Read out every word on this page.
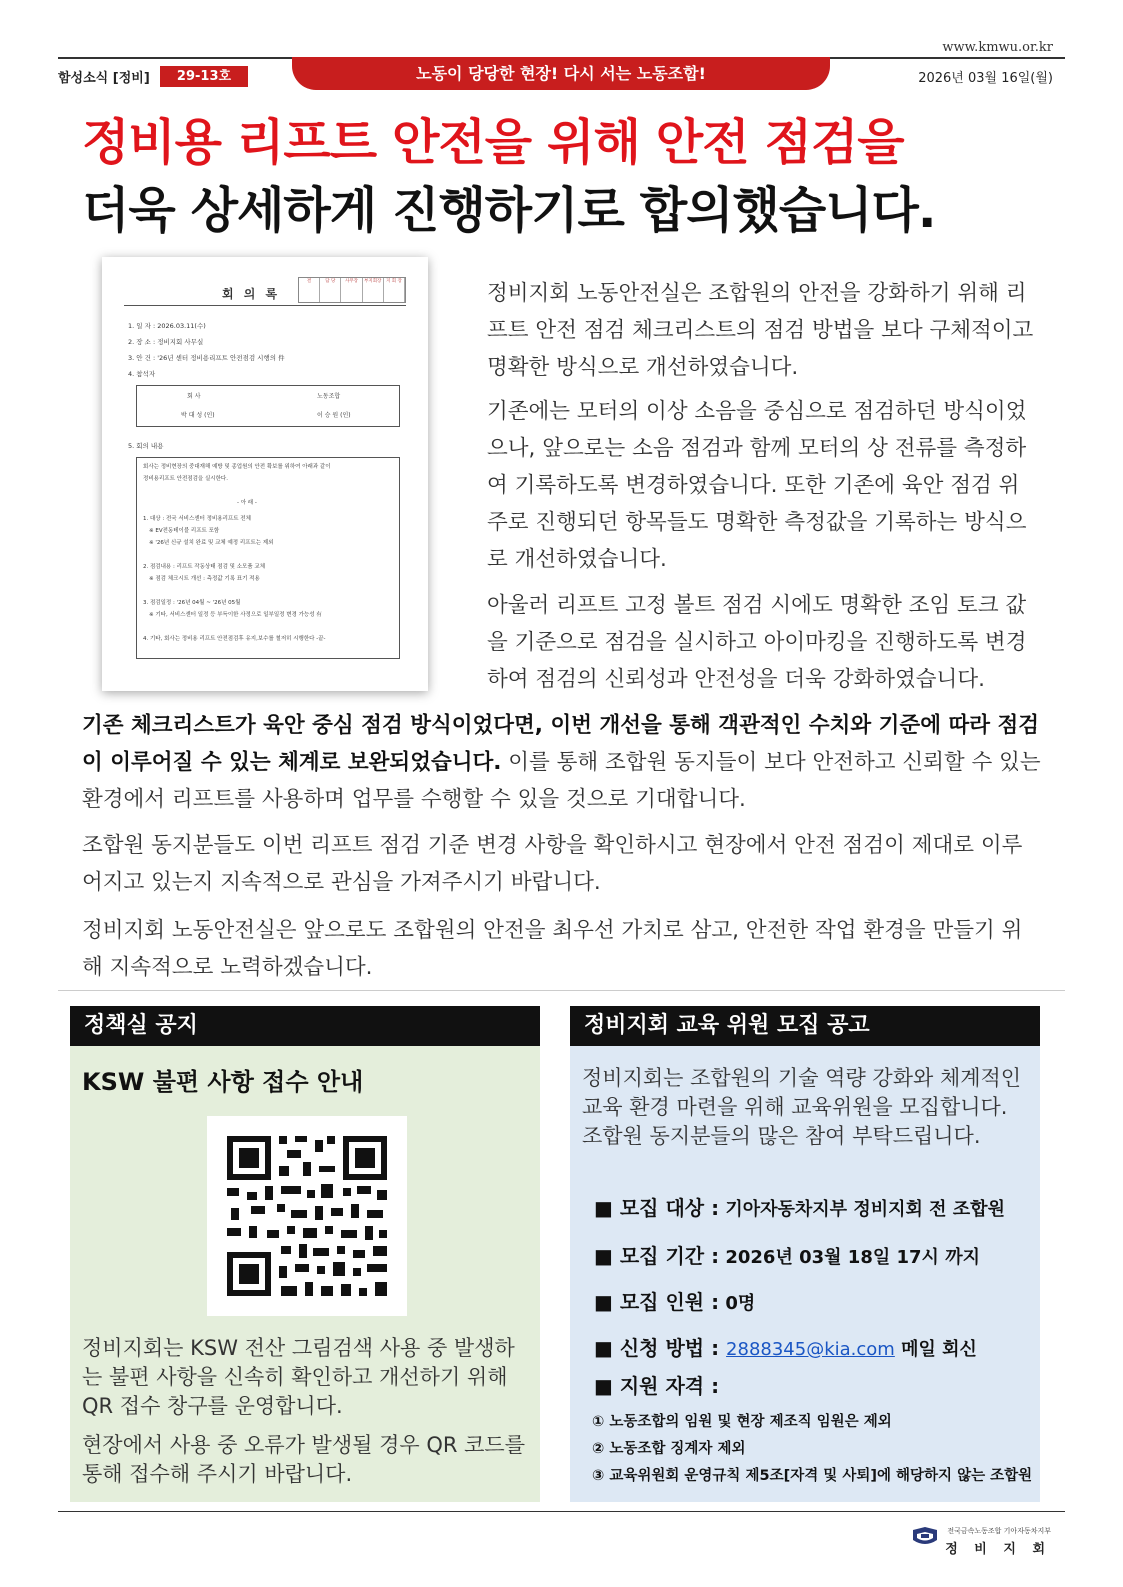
www.kmwu.or.kr
함성소식 [정비]	29-13호	노동이 당당한 현장! 다시 서는 노동조합!	2026년 03월 16일(월)
정비용 리프트 안전을 위해 안전 점검을
더욱 상세하게 진행하기로 합의했습니다.
회 의 록
결	담 당	사무장	부지회장	지 회 장
1. 일 자 : 2026.03.11(수)
2. 장 소 : 정비지회 사무실
3. 안 건 : '26년 센터 정비용리프트 안전점검 시행의 件
4. 참석자
회 사	노동조합
박 대 성 (인)	이 승 원 (인)
5. 회의 내용
회사는 정비현장의 중대재해 예방 및 종업원의 안전 확보를 위하여 아래과 같이
정비용리프트 안전점검을 실시한다.
- 아 래 -
1. 대상 : 전국 서비스센터 정비용리프트 전체
※ EV전동테이블 리프트 포함
※ '26년 신규 설치 완료 및 교체 예정 리프트는 제외
2. 점검내용 : 리프트 작동상태 점검 및 소모품 교체
※ 점검 체크시트 개선 : 측정값 기록 표기 적용
3. 점검일정 : '26년 04월 ~ '26년 05월
※ 기타, 서비스센터 일정 등 부득이한 사정으로 일부일정 변경 가능성 有
4. 기타, 회사는 정비용 리프트 안전점검후 유지,보수를 철저히 시행한다 -끝-
정비지회 노동안전실은 조합원의 안전을 강화하기 위해 리프트 안전 점검 체크리스트의 점검 방법을 보다 구체적이고 명확한 방식으로 개선하였습니다.
기존에는 모터의 이상 소음을 중심으로 점검하던 방식이었으나, 앞으로는 소음 점검과 함께 모터의 상 전류를 측정하여 기록하도록 변경하였습니다. 또한 기존에 육안 점검 위주로 진행되던 항목들도 명확한 측정값을 기록하는 방식으로 개선하였습니다.
아울러 리프트 고정 볼트 점검 시에도 명확한 조임 토크 값을 기준으로 점검을 실시하고 아이마킹을 진행하도록 변경하여 점검의 신뢰성과 안전성을 더욱 강화하였습니다.
기존 체크리스트가 육안 중심 점검 방식이었다면, 이번 개선을 통해 객관적인 수치와 기준에 따라 점검이 이루어질 수 있는 체계로 보완되었습니다. 이를 통해 조합원 동지들이 보다 안전하고 신뢰할 수 있는 환경에서 리프트를 사용하며 업무를 수행할 수 있을 것으로 기대합니다.
조합원 동지분들도 이번 리프트 점검 기준 변경 사항을 확인하시고 현장에서 안전 점검이 제대로 이루어지고 있는지 지속적으로 관심을 가져주시기 바랍니다.
정비지회 노동안전실은 앞으로도 조합원의 안전을 최우선 가치로 삼고, 안전한 작업 환경을 만들기 위해 지속적으로 노력하겠습니다.
정책실 공지
KSW 불편 사항 접수 안내
정비지회는 KSW 전산 그림검색 사용 중 발생하는 불편 사항을 신속히 확인하고 개선하기 위해 QR 접수 창구를 운영합니다.
현장에서 사용 중 오류가 발생될 경우 QR 코드를 통해 접수해 주시기 바랍니다.
정비지회 교육 위원 모집 공고
정비지회는 조합원의 기술 역량 강화와 체계적인 교육 환경 마련을 위해 교육위원을 모집합니다. 조합원 동지분들의 많은 참여 부탁드립니다.
■ 모집 대상 : 기아자동차지부 정비지회 전 조합원
■ 모집 기간 : 2026년 03월 18일 17시 까지
■ 모집 인원 : 0명
■ 신청 방법 : 2888345@kia.com 메일 회신
■ 지원 자격 :
① 노동조합의 임원 및 현장 제조직 임원은 제외
② 노동조합 징계자 제외
③ 교육위원회 운영규칙 제5조[자격 및 사퇴]에 해당하지 않는 조합원
전국금속노동조합 기아자동차지부
정 비 지 회
